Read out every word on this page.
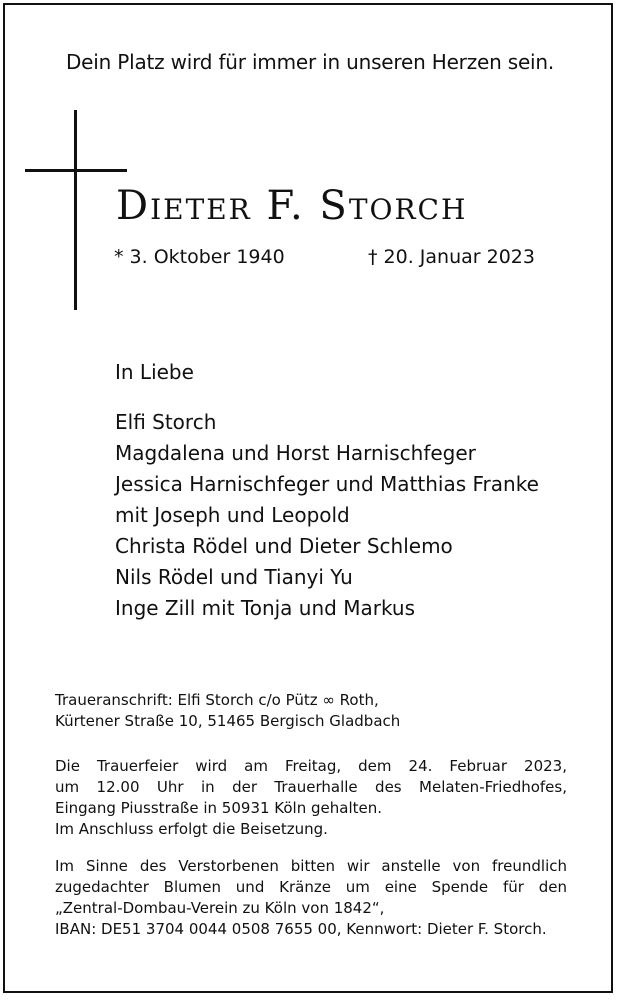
Dein Platz wird für immer in unseren Herzen sein.
Dieter F. Storch
* 3. Oktober 1940	† 20. Januar 2023
In Liebe
Elfi Storch
Magdalena und Horst Harnischfeger
Jessica Harnischfeger und Matthias Franke
mit Joseph und Leopold
Christa Rödel und Dieter Schlemo
Nils Rödel und Tianyi Yu
Inge Zill mit Tonja und Markus
Traueranschrift: Elfi Storch c/o Pütz ∞ Roth,
Kürtener Straße 10, 51465 Bergisch Gladbach
Die Trauerfeier wird am Freitag, dem 24. Februar 2023,
um 12.00 Uhr in der Trauerhalle des Melaten-Friedhofes,
Eingang Piusstraße in 50931 Köln gehalten.
Im Anschluss erfolgt die Beisetzung.
Im Sinne des Verstorbenen bitten wir anstelle von freundlich
zugedachter Blumen und Kränze um eine Spende für den
„Zentral-Dombau-Verein zu Köln von 1842“,
IBAN: DE51 3704 0044 0508 7655 00, Kennwort: Dieter F. Storch.
